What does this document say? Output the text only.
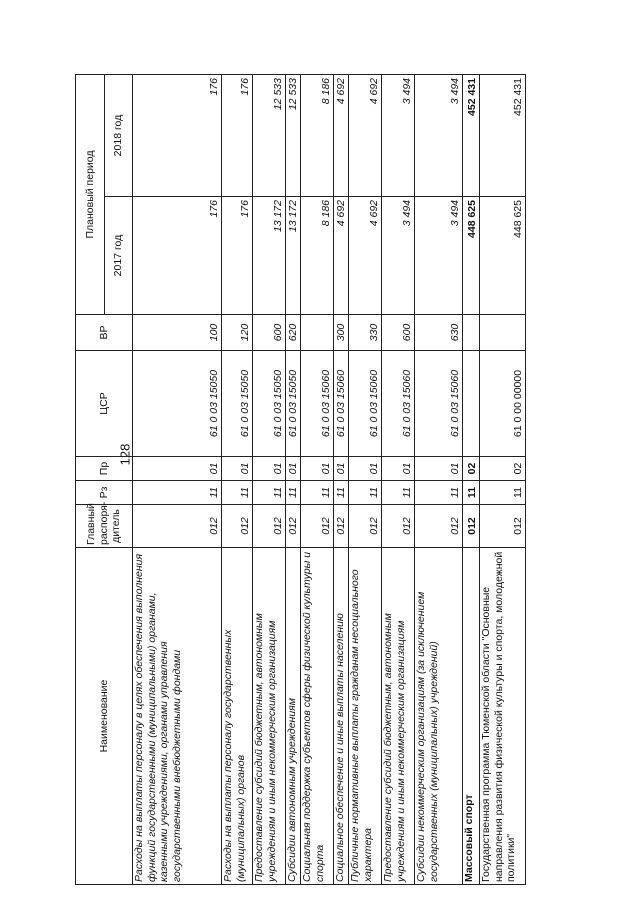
128
Наименование	Главный распоря-дитель	Рз	Пр	ЦСР	ВР	Плановый период	
						2017 год	2018 год
Расходы на выплаты персоналу в целях обеспечения выполнения функций государственными (муниципальными) органами, казенными учреждениями, органами управления государственными внебюджетными фондами	012	11	01	61 0 03 15050	100	176	176
Расходы на выплаты персоналу государственных (муниципальных) органов	012	11	01	61 0 03 15050	120	176	176
Предоставление субсидий бюджетным, автономным учреждениям и иным некоммерческим организациям	012	11	01	61 0 03 15050	600	13 172	12 533
Субсидии автономным учреждениям	012	11	01	61 0 03 15050	620	13 172	12 533
Социальная поддержка субъектов сферы физической культуры и спорта	012	11	01	61 0 03 15060		8 186	8 186
Социальное обеспечение и иные выплаты населению	012	11	01	61 0 03 15060	300	4 692	4 692
Публичные нормативные выплаты гражданам несоциального характера	012	11	01	61 0 03 15060	330	4 692	4 692
Предоставление субсидий бюджетным, автономным учреждениям и иным некоммерческим организациям	012	11	01	61 0 03 15060	600	3 494	3 494
Субсидии некоммерческим организациям (за исключением государственных (муниципальных) учреждений)	012	11	01	61 0 03 15060	630	3 494	3 494
Массовый спорт	012	11	02			448 625	452 431
Государственная программа Тюменской области "Основные направления развития физической культуры и спорта, молодежной политики"	012	11	02	61 0 00 00000		448 625	452 431
